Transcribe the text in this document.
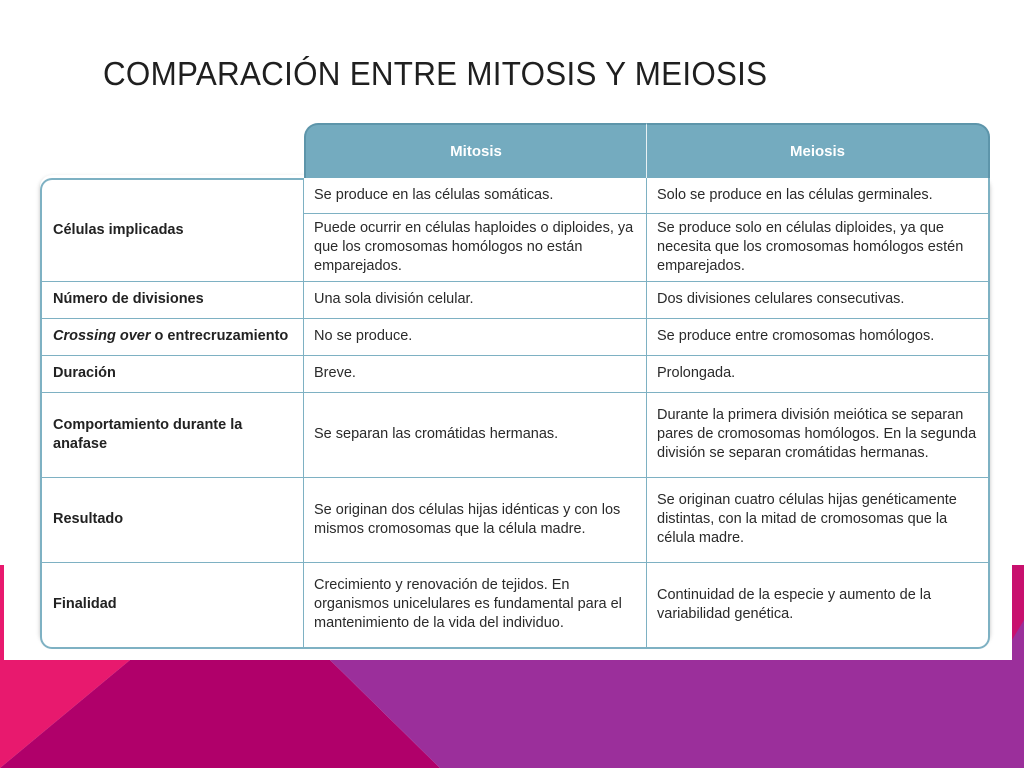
COMPARACIÓN ENTRE MITOSIS Y MEIOSIS
	Mitosis	Meiosis
Células implicadas	Se produce en las células somáticas.	Solo se produce en las células germinales.
	Puede ocurrir en células haploides o diploides, ya que los cromosomas homólogos no están emparejados.	Se produce solo en células diploides, ya que necesita que los cromosomas homólogos estén emparejados.
Número de divisiones	Una sola división celular.	Dos divisiones celulares consecutivas.
Crossing over o entrecruzamiento	No se produce.	Se produce entre cromosomas homólogos.
Duración	Breve.	Prolongada.
Comportamiento durante la anafase	Se separan las cromátidas hermanas.	Durante la primera división meiótica se separan pares de cromosomas homólogos. En la segunda división se separan cromátidas hermanas.
Resultado	Se originan dos células hijas idénticas y con los mismos cromosomas que la célula madre.	Se originan cuatro células hijas genéticamente distintas, con la mitad de cromosomas que la célula madre.
Finalidad	Crecimiento y renovación de tejidos. En organismos unicelulares es fundamental para el mantenimiento de la vida del individuo.	Continuidad de la especie y aumento de la variabilidad genética.
